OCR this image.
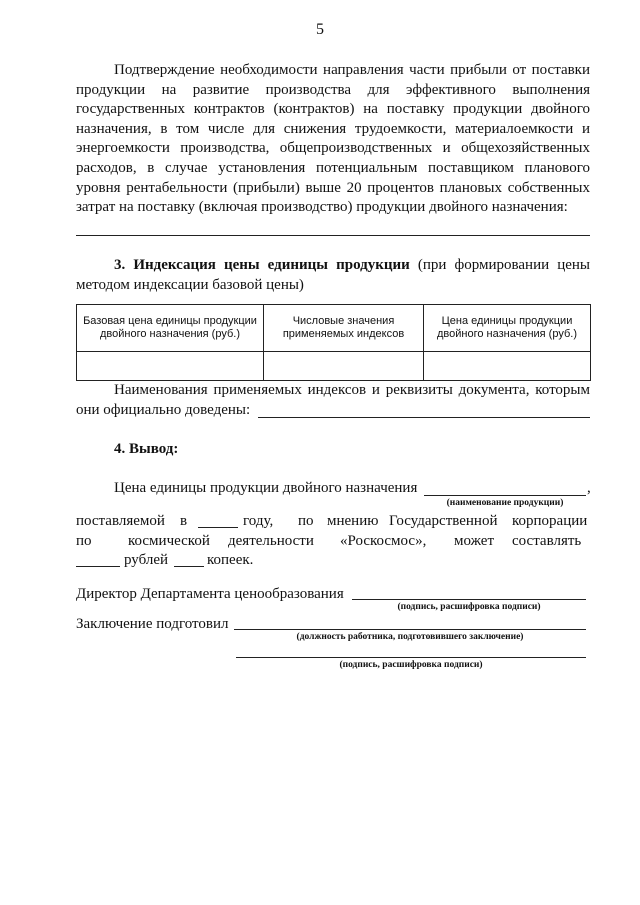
5
Подтверждение необходимости направления части прибыли от поставки продукции на развитие производства для эффективного выполнения государственных контрактов (контрактов) на поставку продукции двойного назначения, в том числе для снижения трудоемкости, материалоемкости и энергоемкости производства, общепроизводственных и общехозяйственных расходов, в случае установления потенциальным поставщиком планового уровня рентабельности (прибыли) выше 20 процентов плановых собственных затрат на поставку (включая производство) продукции двойного назначения:
3. Индексация цены единицы продукции (при формировании цены методом индексации базовой цены)
Базовая цена единицы продукции двойного назначения (руб.)	Числовые значения применяемых индексов	Цена единицы продукции двойного назначения (руб.)

Наименования применяемых индексов и реквизиты документа, которым они официально доведены:
4. Вывод:
Цена единицы продукции двойного назначения	,
(наименование продукции)
поставляемой в	году, по мнению Государственной корпорации
по космической деятельности «Роскосмос», может составлять
рублей	копеек.
Директор Департамента ценообразования
(подпись, расшифровка подписи)
Заключение подготовил
(должность работника, подготовившего заключение)
(подпись, расшифровка подписи)
